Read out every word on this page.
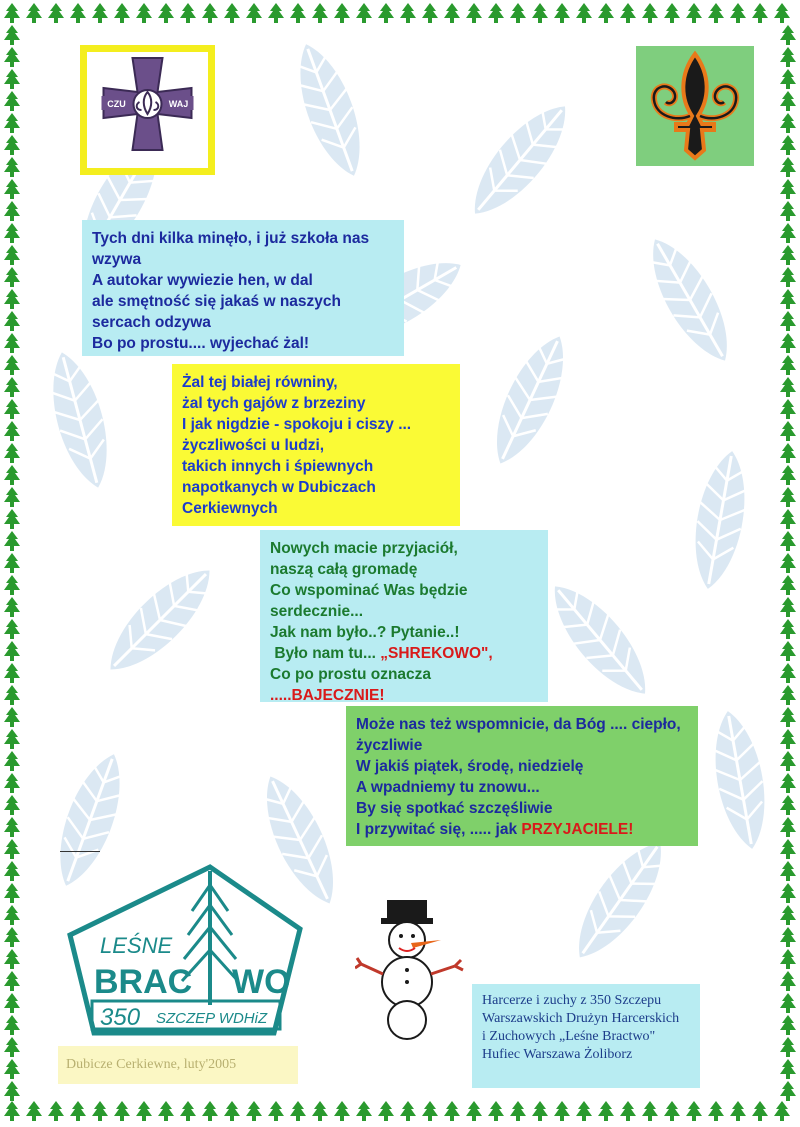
CZU	WAJ
Tych dni kilka minęło, i już szkoła nas
wzywa
A autokar wywiezie hen, w dal
ale smętność się jakaś w naszych
sercach odzywa
Bo po prostu.... wyjechać żal!
Żal tej białej równiny,
żal tych gajów z brzeziny
I jak nigdzie - spokoju i ciszy ...
życzliwości u ludzi,
takich innych i śpiewnych
napotkanych w Dubiczach
Cerkiewnych
Nowych macie przyjaciół,
naszą całą gromadę
Co wspominać Was będzie
serdecznie...
Jak nam było..? Pytanie..!
Było nam tu... „SHREKOWO",
Co po prostu oznacza
.....BAJECZNIE!
Może nas też wspomnicie, da Bóg .... ciepło,
życzliwie
W jakiś piątek, środę, niedzielę
A wpadniemy tu znowu...
By się spotkać szczęśliwie
I przywitać się, ..... jak PRZYJACIELE!
LEŚNE
BRAC WO
350 SZCZEP WDHiZ
Dubicze Cerkiewne, luty'2005
Harcerze i zuchy z 350 Szczepu
Warszawskich Drużyn Harcerskich
i Zuchowych „Leśne Bractwo"
Hufiec Warszawa Żoliborz
